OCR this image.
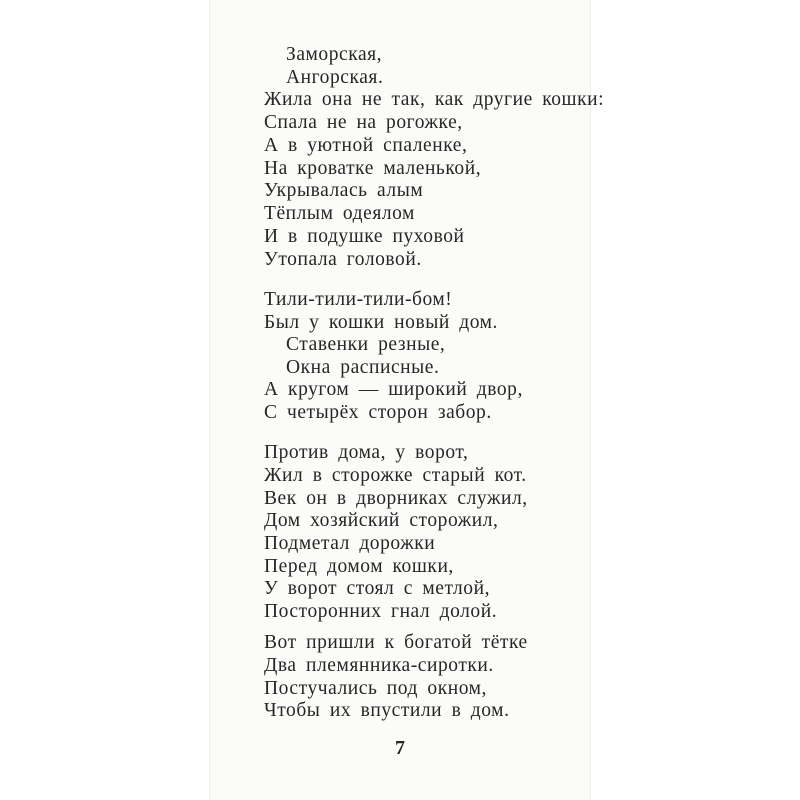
Заморская,
Ангорская.
Жила она не так, как другие кошки:
Спала не на рогожке,
А в уютной спаленке,
На кроватке маленькой,
Укрывалась алым
Тёплым одеялом
И в подушке пуховой
Утопала головой.
Тили-тили-тили-бом!
Был у кошки новый дом.
Ставенки резные,
Окна расписные.
А кругом — широкий двор,
С четырёх сторон забор.
Против дома, у ворот,
Жил в сторожке старый кот.
Век он в дворниках служил,
Дом хозяйский сторожил,
Подметал дорожки
Перед домом кошки,
У ворот стоял с метлой,
Посторонних гнал долой.
Вот пришли к богатой тётке
Два племянника-сиротки.
Постучались под окном,
Чтобы их впустили в дом.
7
